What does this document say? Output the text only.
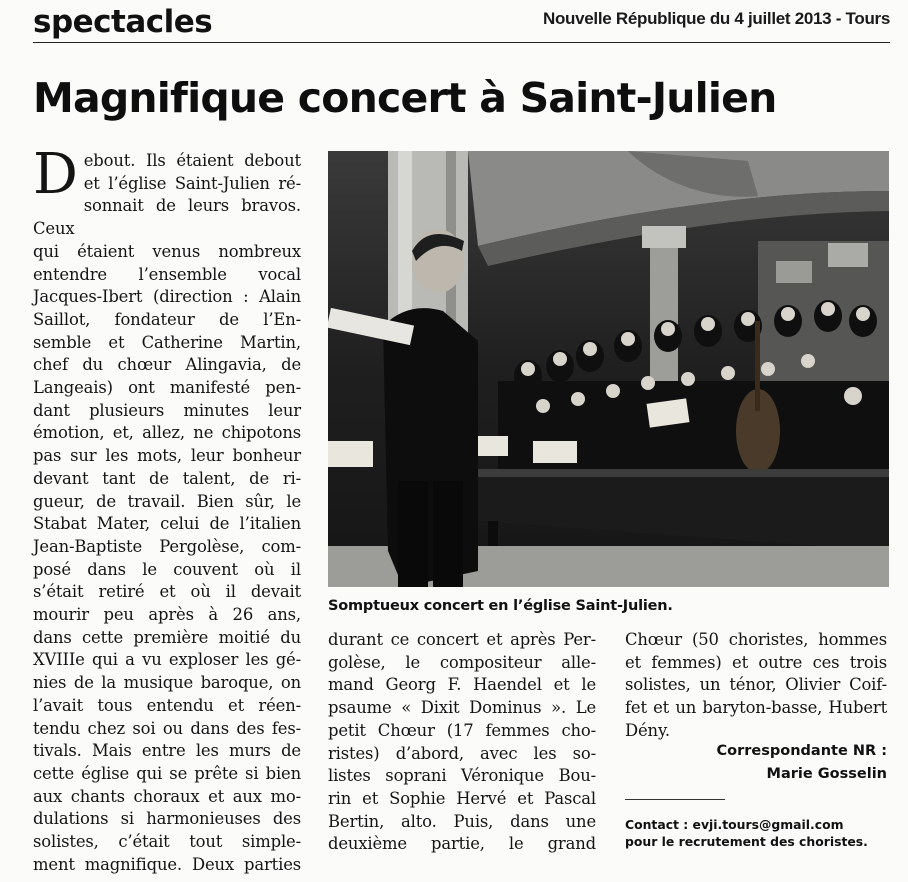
spectacles	Nouvelle République du 4 juillet 2013 - Tours
Magnifique concert à Saint-Julien
D ebout. Ils étaient debout
et l’église Saint-Julien ré-
sonnait de leurs bravos. Ceux
qui étaient venus nombreux
entendre l’ensemble vocal
Jacques-Ibert (direction : Alain
Saillot, fondateur de l’En-
semble et Catherine Martin,
chef du chœur Alingavia, de
Langeais) ont manifesté pen-
dant plusieurs minutes leur
émotion, et, allez, ne chipotons
pas sur les mots, leur bonheur
devant tant de talent, de ri-
gueur, de travail. Bien sûr, le
Stabat Mater, celui de l’italien
Jean-Baptiste Pergolèse, com-
posé dans le couvent où il
s’était retiré et où il devait
mourir peu après à 26 ans,
dans cette première moitié du
XVIIIe qui a vu exploser les gé-
nies de la musique baroque, on
l’avait tous entendu et réen-
tendu chez soi ou dans des fes-
tivals. Mais entre les murs de
cette église qui se prête si bien
aux chants choraux et aux mo-
dulations si harmonieuses des
solistes, c’était tout simple-
ment magnifique. Deux parties
Somptueux concert en l’église Saint-Julien.
durant ce concert et après Per-
golèse, le compositeur alle-
mand Georg F. Haendel et le
psaume « Dixit Dominus ». Le
petit Chœur (17 femmes cho-
ristes) d’abord, avec les so-
listes soprani Véronique Bou-
rin et Sophie Hervé et Pascal
Bertin, alto. Puis, dans une
deuxième partie, le grand
Chœur (50 choristes, hommes
et femmes) et outre ces trois
solistes, un ténor, Olivier Coif-
fet et un baryton-basse, Hubert
Dény.
Correspondante NR :
Marie Gosselin
Contact : evji.tours@gmail.com
pour le recrutement des choristes.
